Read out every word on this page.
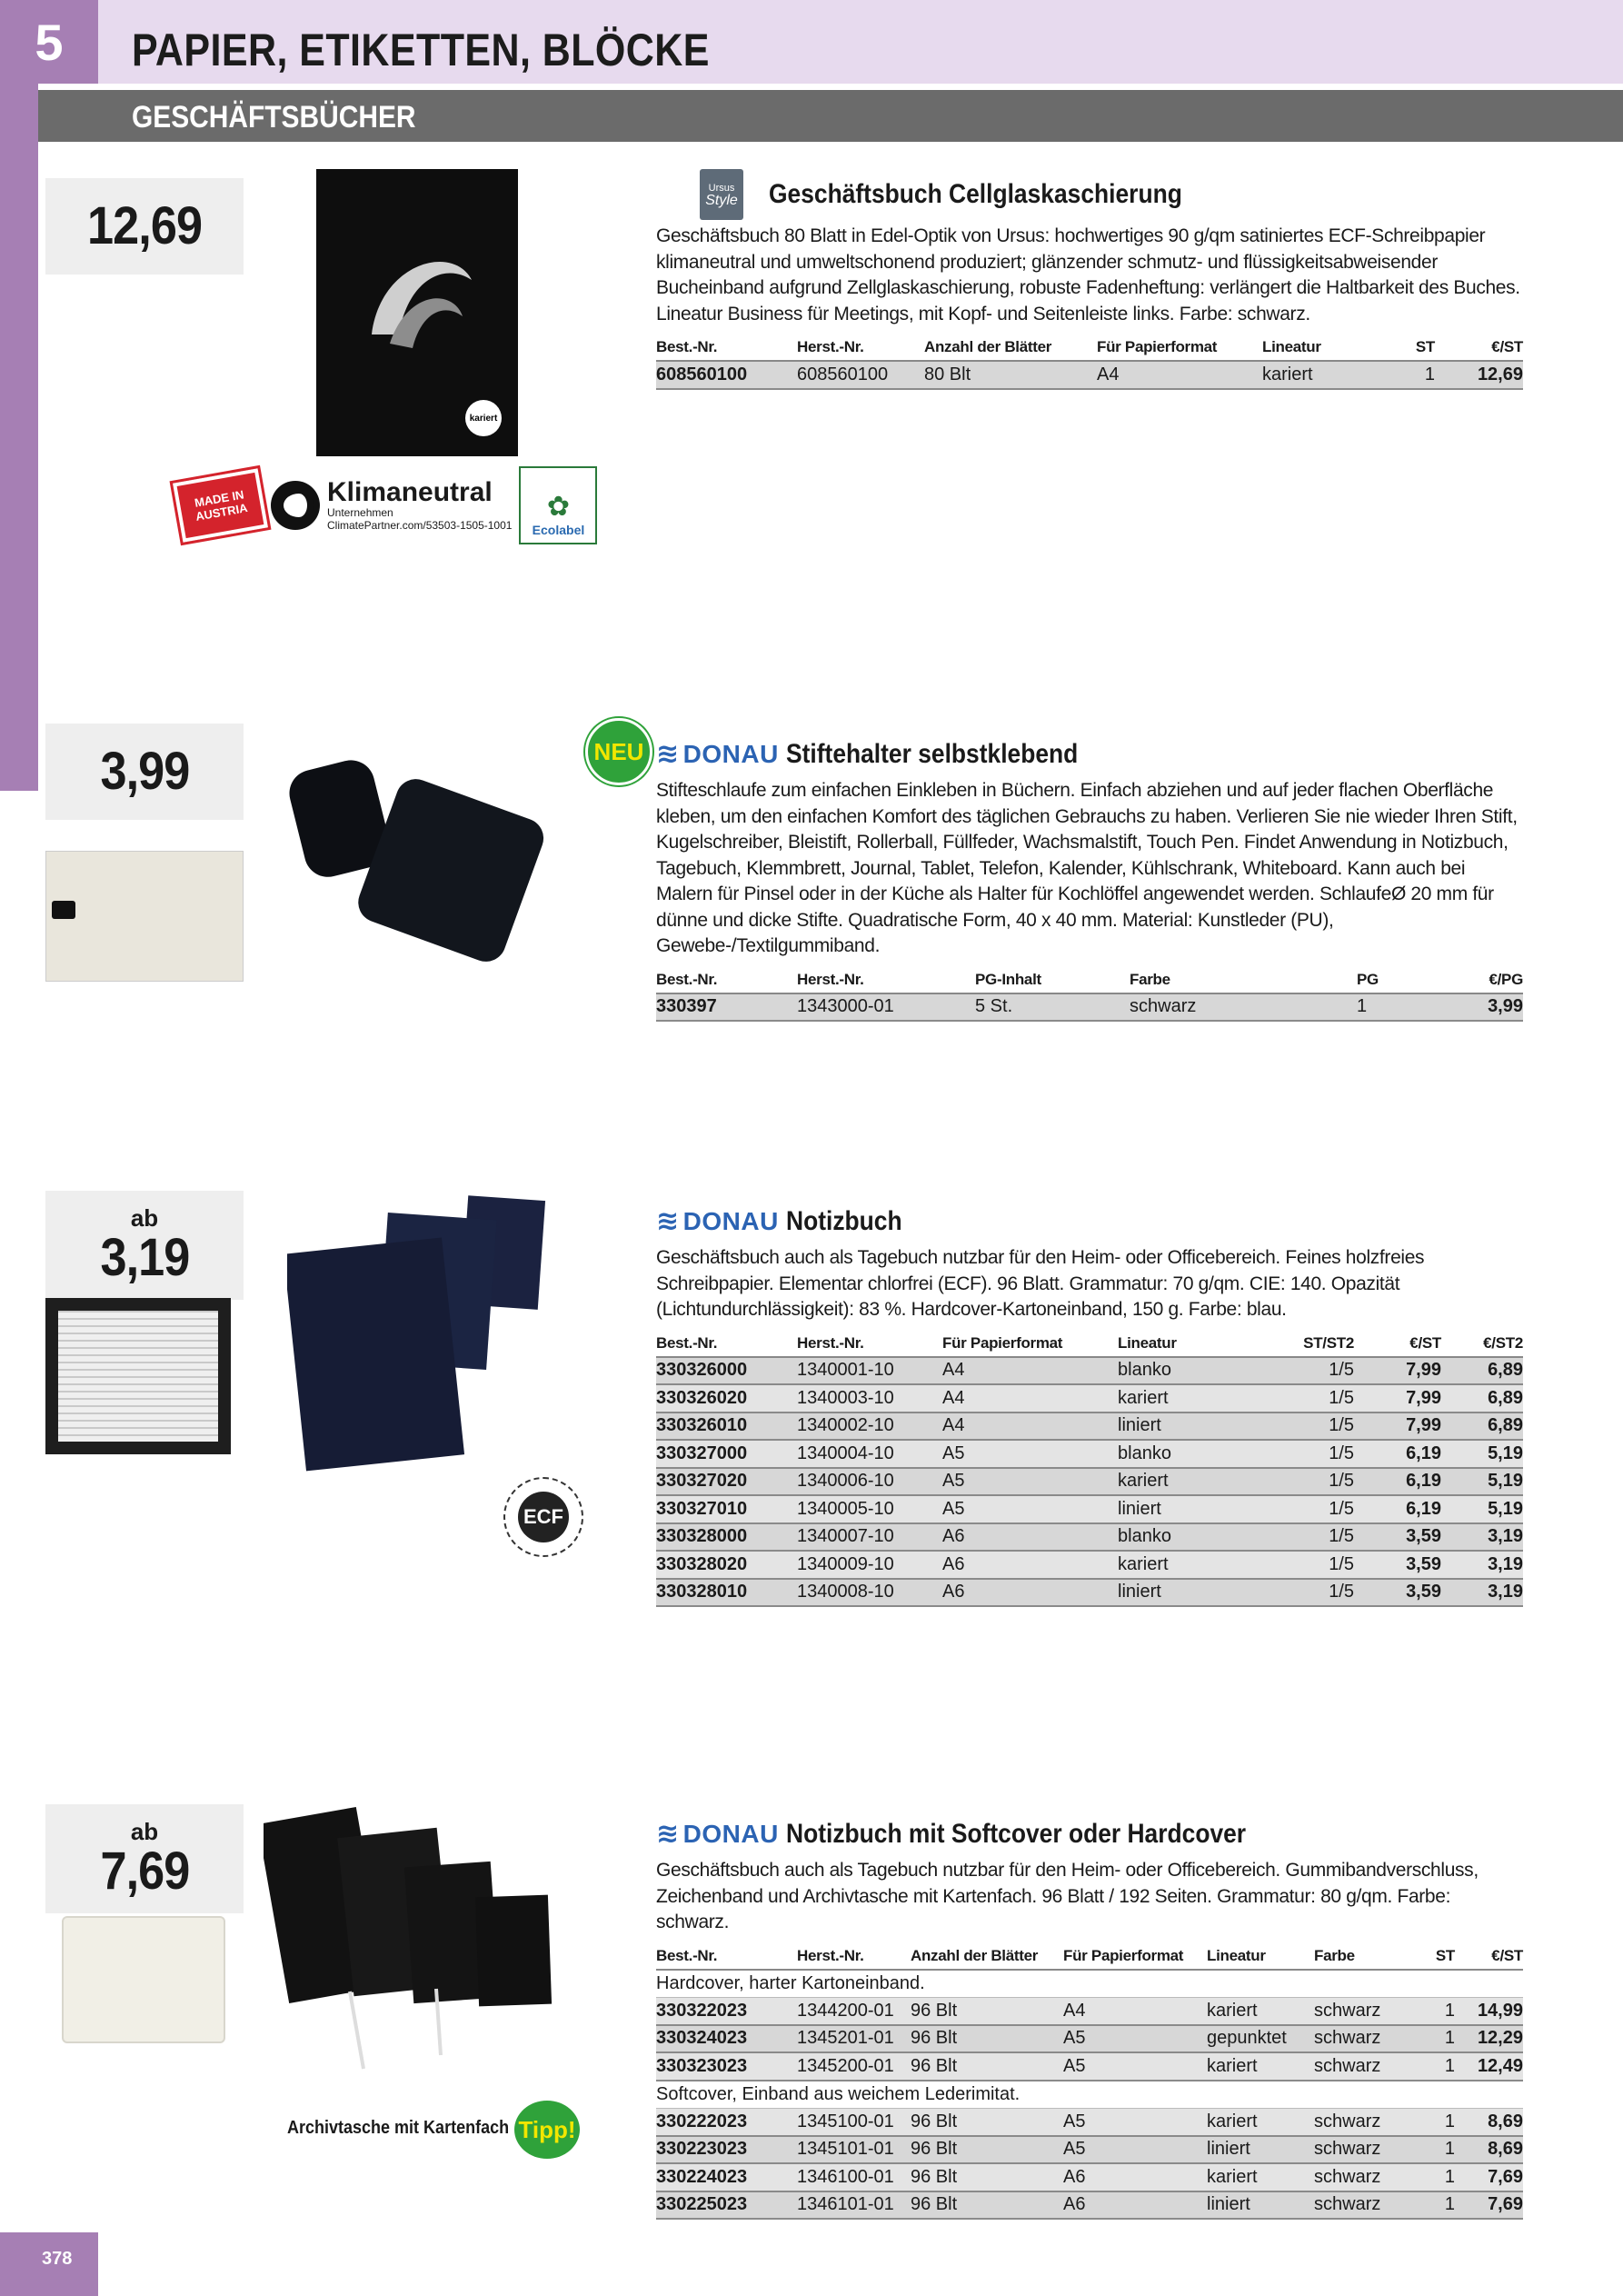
5	PAPIER, ETIKETTEN, BLÖCKE
GESCHÄFTSBÜCHER
12,69
kariert
MADE IN AUSTRIA
Klimaneutral
Unternehmen
ClimatePartner.com/53503-1505-1001
✿
Ecolabel
Ursus
Style Geschäftsbuch Cellglaskaschierung
Geschäftsbuch 80 Blatt in Edel-Optik von Ursus: hochwertiges 90 g/qm satiniertes ECF-Schreibpapier klimaneutral und umweltschonend produziert; glänzender schmutz- und flüssigkeitsabweisender Bucheinband aufgrund Zellglaskaschierung, robuste Fadenheftung: verlängert die Haltbarkeit des Buches. Lineatur Business für Meetings, mit Kopf- und Seitenleiste links. Farbe: schwarz.
Best.-Nr.	Herst.-Nr.	Anzahl der Blätter	Für Papierformat	Lineatur	ST	€/ST
608560100	608560100	80 Blt	A4	kariert	1	12,69
3,99	NEU ≋ DONAU Stiftehalter selbstklebend
Stifteschlaufe zum einfachen Einkleben in Büchern. Einfach abziehen und auf jeder flachen Oberfläche kleben, um den einfachen Komfort des täglichen Gebrauchs zu haben. Verlieren Sie nie wieder Ihren Stift, Kugelschreiber, Bleistift, Rollerball, Füllfeder, Wachsmalstift, Touch Pen. Findet Anwendung in Notizbuch, Tagebuch, Klemmbrett, Journal, Tablet, Telefon, Kalender, Kühlschrank, Whiteboard. Kann auch bei Malern für Pinsel oder in der Küche als Halter für Kochlöffel angewendet werden. SchlaufeØ 20 mm für dünne und dicke Stifte. Quadratische Form, 40 x 40 mm. Material: Kunstleder (PU), Gewebe-/Textilgummiband.
Best.-Nr.	Herst.-Nr.	PG-Inhalt	Farbe	PG	€/PG
330397	1343000-01	5 St.	schwarz	1	3,99
ab
3,19
ECF
≋ DONAU Notizbuch
Geschäftsbuch auch als Tagebuch nutzbar für den Heim- oder Officebereich. Feines holzfreies Schreibpapier. Elementar chlorfrei (ECF). 96 Blatt. Grammatur: 70 g/qm. CIE: 140. Opazität (Lichtundurchlässigkeit): 83 %. Hardcover-Kartoneinband, 150 g. Farbe: blau.
Best.-Nr.	Herst.-Nr.	Für Papierformat	Lineatur	ST/ST2	€/ST	€/ST2
330326000	1340001-10	A4	blanko	1/5	7,99	6,89
330326020	1340003-10	A4	kariert	1/5	7,99	6,89
330326010	1340002-10	A4	liniert	1/5	7,99	6,89
330327000	1340004-10	A5	blanko	1/5	6,19	5,19
330327020	1340006-10	A5	kariert	1/5	6,19	5,19
330327010	1340005-10	A5	liniert	1/5	6,19	5,19
330328000	1340007-10	A6	blanko	1/5	3,59	3,19
330328020	1340009-10	A6	kariert	1/5	3,59	3,19
330328010	1340008-10	A6	liniert	1/5	3,59	3,19
ab
7,69
Archivtasche mit Kartenfach Tipp!
≋ DONAU Notizbuch mit Softcover oder Hardcover
Geschäftsbuch auch als Tagebuch nutzbar für den Heim- oder Officebereich. Gummibandverschluss, Zeichenband und Archivtasche mit Kartenfach. 96 Blatt / 192 Seiten. Grammatur: 80 g/qm. Farbe: schwarz.
Best.-Nr.	Herst.-Nr.	Anzahl der Blätter	Für Papierformat	Lineatur	Farbe	ST	€/ST
Hardcover, harter Kartoneinband.							
330322023	1344200-01	96 Blt	A4	kariert	schwarz	1	14,99
330324023	1345201-01	96 Blt	A5	gepunktet	schwarz	1	12,29
330323023	1345200-01	96 Blt	A5	kariert	schwarz	1	12,49
Softcover, Einband aus weichem Lederimitat.							
330222023	1345100-01	96 Blt	A5	kariert	schwarz	1	8,69
330223023	1345101-01	96 Blt	A5	liniert	schwarz	1	8,69
330224023	1346100-01	96 Blt	A6	kariert	schwarz	1	7,69
330225023	1346101-01	96 Blt	A6	liniert	schwarz	1	7,69
378
